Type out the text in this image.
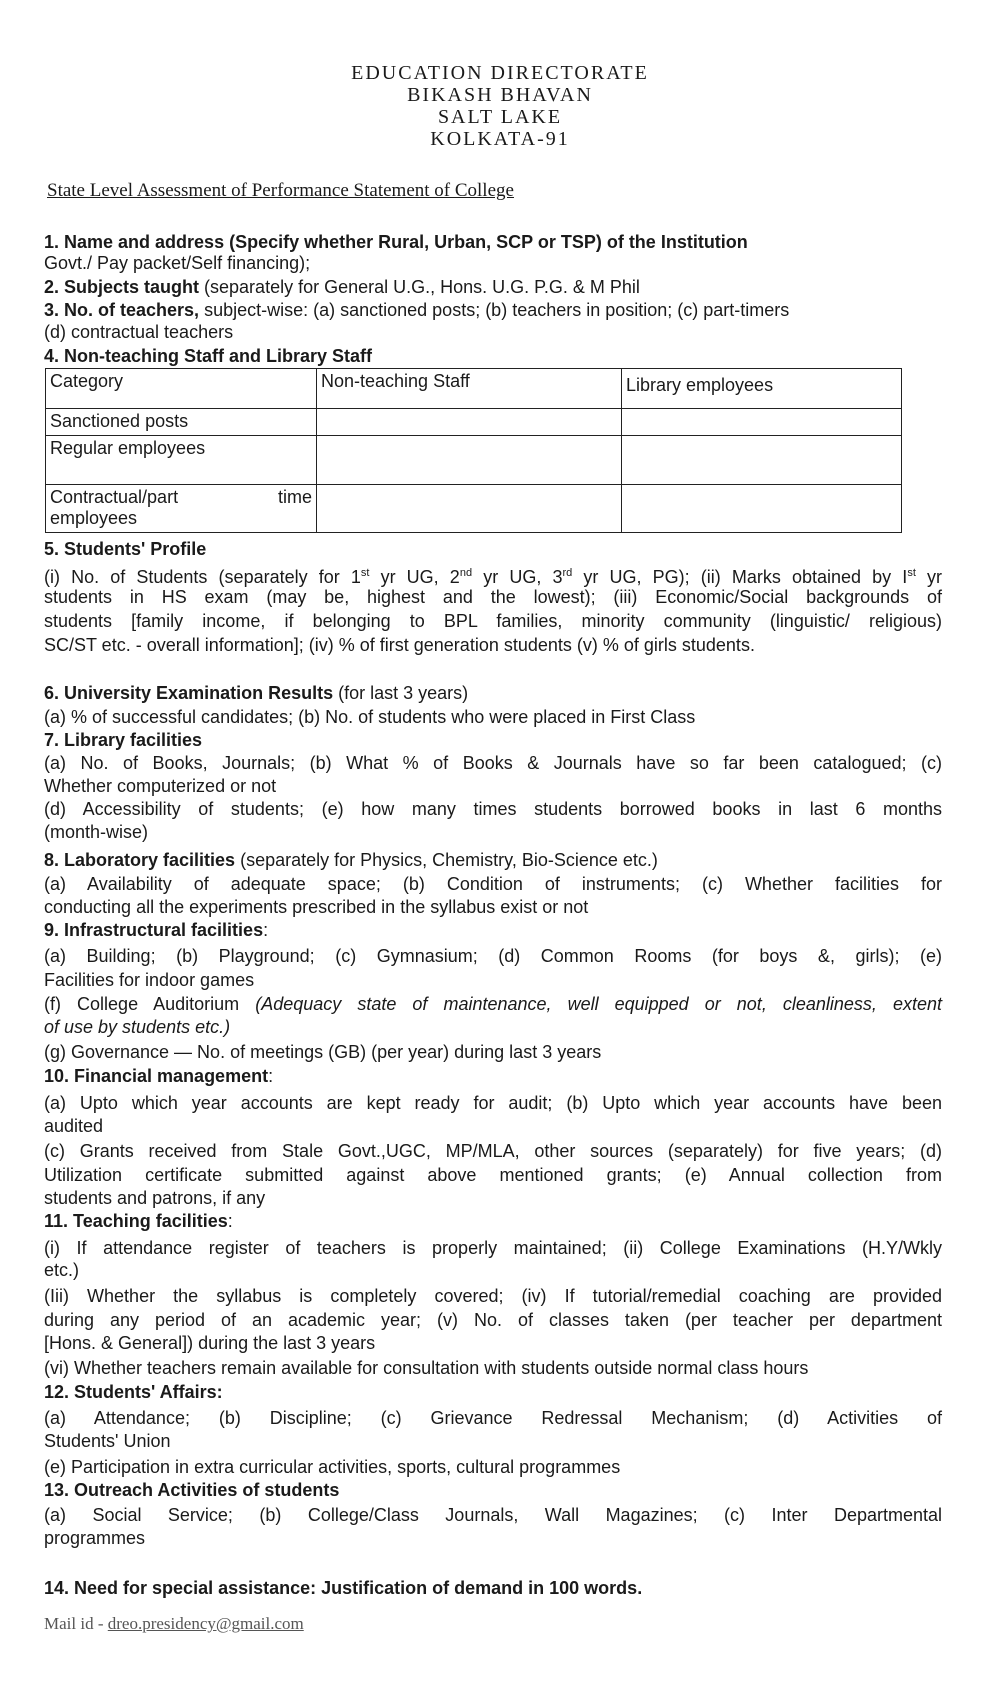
EDUCATION DIRECTORATE
BIKASH BHAVAN
SALT LAKE
KOLKATA-91
State Level Assessment of Performance Statement of College
1. Name and address (Specify whether Rural, Urban, SCP or TSP) of the Institution
Govt./ Pay packet/Self financing);
2. Subjects taught (separately for General U.G., Hons. U.G. P.G. & M Phil
3. No. of teachers, subject-wise: (a) sanctioned posts; (b) teachers in position; (c) part-timers
(d) contractual teachers
4. Non-teaching Staff and Library Staff
Category	Non-teaching Staff	Library employees
Sanctioned posts		
Regular employees		

Contractual/part time
employees		

5. Students' Profile
(i) No. of Students (separately for 1st yr UG, 2nd yr UG, 3rd yr UG, PG); (ii) Marks obtained by Ist yr
students in HS exam (may be, highest and the lowest); (iii) Economic/Social backgrounds of
students [family income, if belonging to BPL families, minority community (linguistic/ religious)
SC/ST etc. - overall information]; (iv) % of first generation students (v) % of girls students.
6. University Examination Results (for last 3 years)
(a) % of successful candidates; (b) No. of students who were placed in First Class
7. Library facilities
(a) No. of Books, Journals; (b) What % of Books & Journals have so far been catalogued; (c)
Whether computerized or not
(d) Accessibility of students; (e) how many times students borrowed books in last 6 months
(month-wise)
8. Laboratory facilities (separately for Physics, Chemistry, Bio-Science etc.)
(a) Availability of adequate space; (b) Condition of instruments; (c) Whether facilities for
conducting all the experiments prescribed in the syllabus exist or not
9. Infrastructural facilities:
(a) Building; (b) Playground; (c) Gymnasium; (d) Common Rooms (for boys &, girls); (e)
Facilities for indoor games
(f) College Auditorium (Adequacy state of maintenance, well equipped or not, cleanliness, extent
of use by students etc.)
(g) Governance — No. of meetings (GB) (per year) during last 3 years
10. Financial management:
(a) Upto which year accounts are kept ready for audit; (b) Upto which year accounts have been
audited
(c) Grants received from Stale Govt.,UGC, MP/MLA, other sources (separately) for five years; (d)
Utilization certificate submitted against above mentioned grants; (e) Annual collection from
students and patrons, if any
11. Teaching facilities:
(i) If attendance register of teachers is properly maintained; (ii) College Examinations (H.Y/Wkly
etc.)
(Iii) Whether the syllabus is completely covered; (iv) If tutorial/remedial coaching are provided
during any period of an academic year; (v) No. of classes taken (per teacher per department
[Hons. & General]) during the last 3 years
(vi) Whether teachers remain available for consultation with students outside normal class hours
12. Students' Affairs:
(a) Attendance; (b) Discipline; (c) Grievance Redressal Mechanism; (d) Activities of
Students' Union
(e) Participation in extra curricular activities, sports, cultural programmes
13. Outreach Activities of students
(a) Social Service; (b) College/Class Journals, Wall Magazines; (c) Inter Departmental
programmes
14. Need for special assistance: Justification of demand in 100 words.
Mail id - dreo.presidency@gmail.com
